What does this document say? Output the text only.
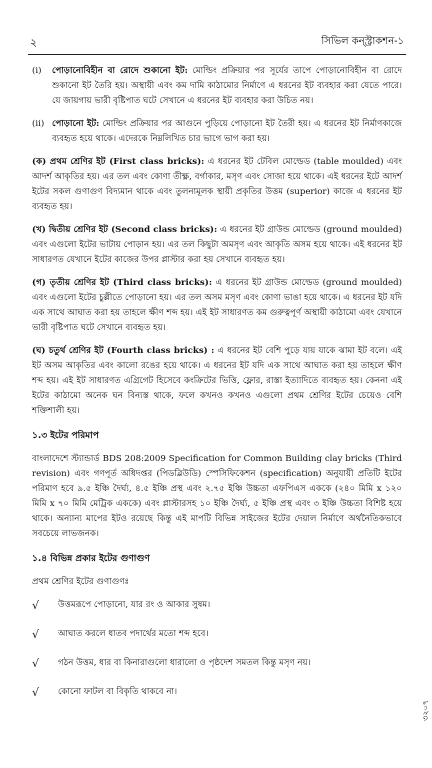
২	সিভিল কন্‌স্ট্রাকশন-১
(i)	পোড়ানোবিহীন বা রোদে শুকানো ইট: মোল্ডিং প্রক্রিয়ার পর সূর্যের তাপে পোড়ানোবিহীন বা রোদে শুকানো ইট তৈরি হয়। অস্থায়ী এবং কম দামি কাঠামোর নির্মাণে এ ধরনের ইট ব্যবহার করা যেতে পারে। যে জায়গায় ভারী বৃষ্টিপাত ঘটে সেখানে এ ধরনের ইট ব্যবহার করা উচিত নয়।
(ii) পোড়ানো ইট: মোল্ডিং প্রক্রিয়ার পর আগুনে পুড়িয়ে পোড়ানো ইট তৈরী হয়। এ ধরনের ইট নির্মাণকাজে ব্যবহৃত হয়ে থাকে। এদেরকে নিম্নলিখিত চার ভাগে ভাগ করা হয়।

(ক) প্রথম শ্রেণির ইট (First class bricks): এ ধরনের ইট টেবিল মোল্ডেড (table moulded) এবং আদর্শ আকৃতির হয়। এর তল এবং কোণা তীক্ষ্ণ, বর্গাকার, মসৃণ এবং সোজা হয়ে থাকে। এই ধরনের ইটে আদর্শ ইটের সকল গুণাগুণ বিদ্যমান থাকে এবং তুলনামূলক স্থায়ী প্রকৃতির উত্তম (superior) কাজে এ ধরনের ইট ব্যবহৃত হয়।

(খ) দ্বিতীয় শ্রেণির ইট (Second class bricks): এ ধরনের ইট গ্রাউন্ড মোল্ডেড (ground moulded) এবং এগুলো ইটের ভাটায় পোড়ান হয়। এর তল কিছুটা অমসৃণ এবং আকৃতি অসম হয়ে থাকে। এই ধরনের ইট সাধারণত যেখানে ইটের কাজের উপর প্লাস্টার করা হয় সেখানে ব্যবহৃত হয়।

(গ) তৃতীয় শ্রেণির ইট (Third class bricks): এ ধরনের ইট গ্রাউন্ড মোল্ডেড (ground moulded) এবং এগুলো ইটের চুল্লীতে পোড়ানো হয়। এর তল অসম মসৃণ এবং কোণা ভাঙা হয়ে থাকে। এ ধরনের ইট যদি এক সাথে আঘাত করা হয় তাহলে ক্ষীণ শব্দ হয়। এই ইট সাধারণত কম গুরুত্বপূর্ণ অস্থায়ী কাঠামো এবং যেখানে ভারী বৃষ্টিপাত ঘটে সেখানে ব্যবহৃত হয়।

(ঘ) চতুর্থ শ্রেণির ইট (Fourth class bricks) : এ ধরনের ইট বেশি পুড়ে যায় যাকে ঝামা ইট বলে। এই ইট অসম আকৃতির এবং কালো রঙের হয়ে থাকে। এ ধরনের ইট যদি এক সাথে আঘাত করা হয় তাহলে ক্ষীণ শব্দ হয়। এই ইট সাধারণত এগ্রিগেট হিসেবে কংক্রিটের ভিত্তি, ফ্লোর, রাস্তা ইত্যাদিতে ব্যবহৃত হয়। কেননা এই ইটের কাঠামো অনেক ঘন বিন্যস্ত থাকে, ফলে কখনও কখনও এগুলো প্রথম শ্রেণির ইটের চেয়েও বেশি শক্তিশালী হয়।

১.৩ ইটের পরিমাপ

বাংলাদেশে স্ট্যান্ডার্ড BDS 208:2009 Specification for Common Building clay bricks (Third revision) এবং গণপূর্ত অধিদপ্তর (পিডব্লিউডি) স্পেসিফিকেশন (specification) অনুযায়ী প্রতিটি ইটের পরিমাণ হবে ৯.৫ ইঞ্চি দৈর্ঘ্য, ৪.৫ ইঞ্চি প্রস্থ এবং ২.৭৫ ইঞ্চি উচ্চতা এফপিএস এককে (২৪০ মিমি x ১২০ মিমি x ৭০ মিমি মেট্রিক এককে) এবং প্লাস্টারসহ ১০ ইঞ্চি দৈর্ঘ্য, ৫ ইঞ্চি প্রস্থ এবং ৩ ইঞ্চি উচ্চতা বিশিষ্ট হয়ে থাকে। অন্যান্য মাপের ইটও রয়েছে কিন্তু এই মাপটি বিভিন্ন সাইজের ইটের দেয়াল নির্মাণে অর্থনৈতিকভাবে সবচেয়ে লাভজনক।

১.৪ বিভিন্ন প্রকার ইটের গুণাগুণ

প্রথম শ্রেণির ইটের গুণাগুণঃ

√	উত্তমরূপে পোড়ানো, যার রং ও আকার সুষম।
√	আঘাত করলে ধাতব পদার্থের মতো শব্দ হবে।
√	গঠন উত্তম, ধার বা কিনারাগুলো ধারালো ও পৃষ্ঠদেশ সমতল কিন্তু মসৃণ নয়।
√	কোনো ফাটল বা বিকৃতি থাকবে না।
৩২০৭
